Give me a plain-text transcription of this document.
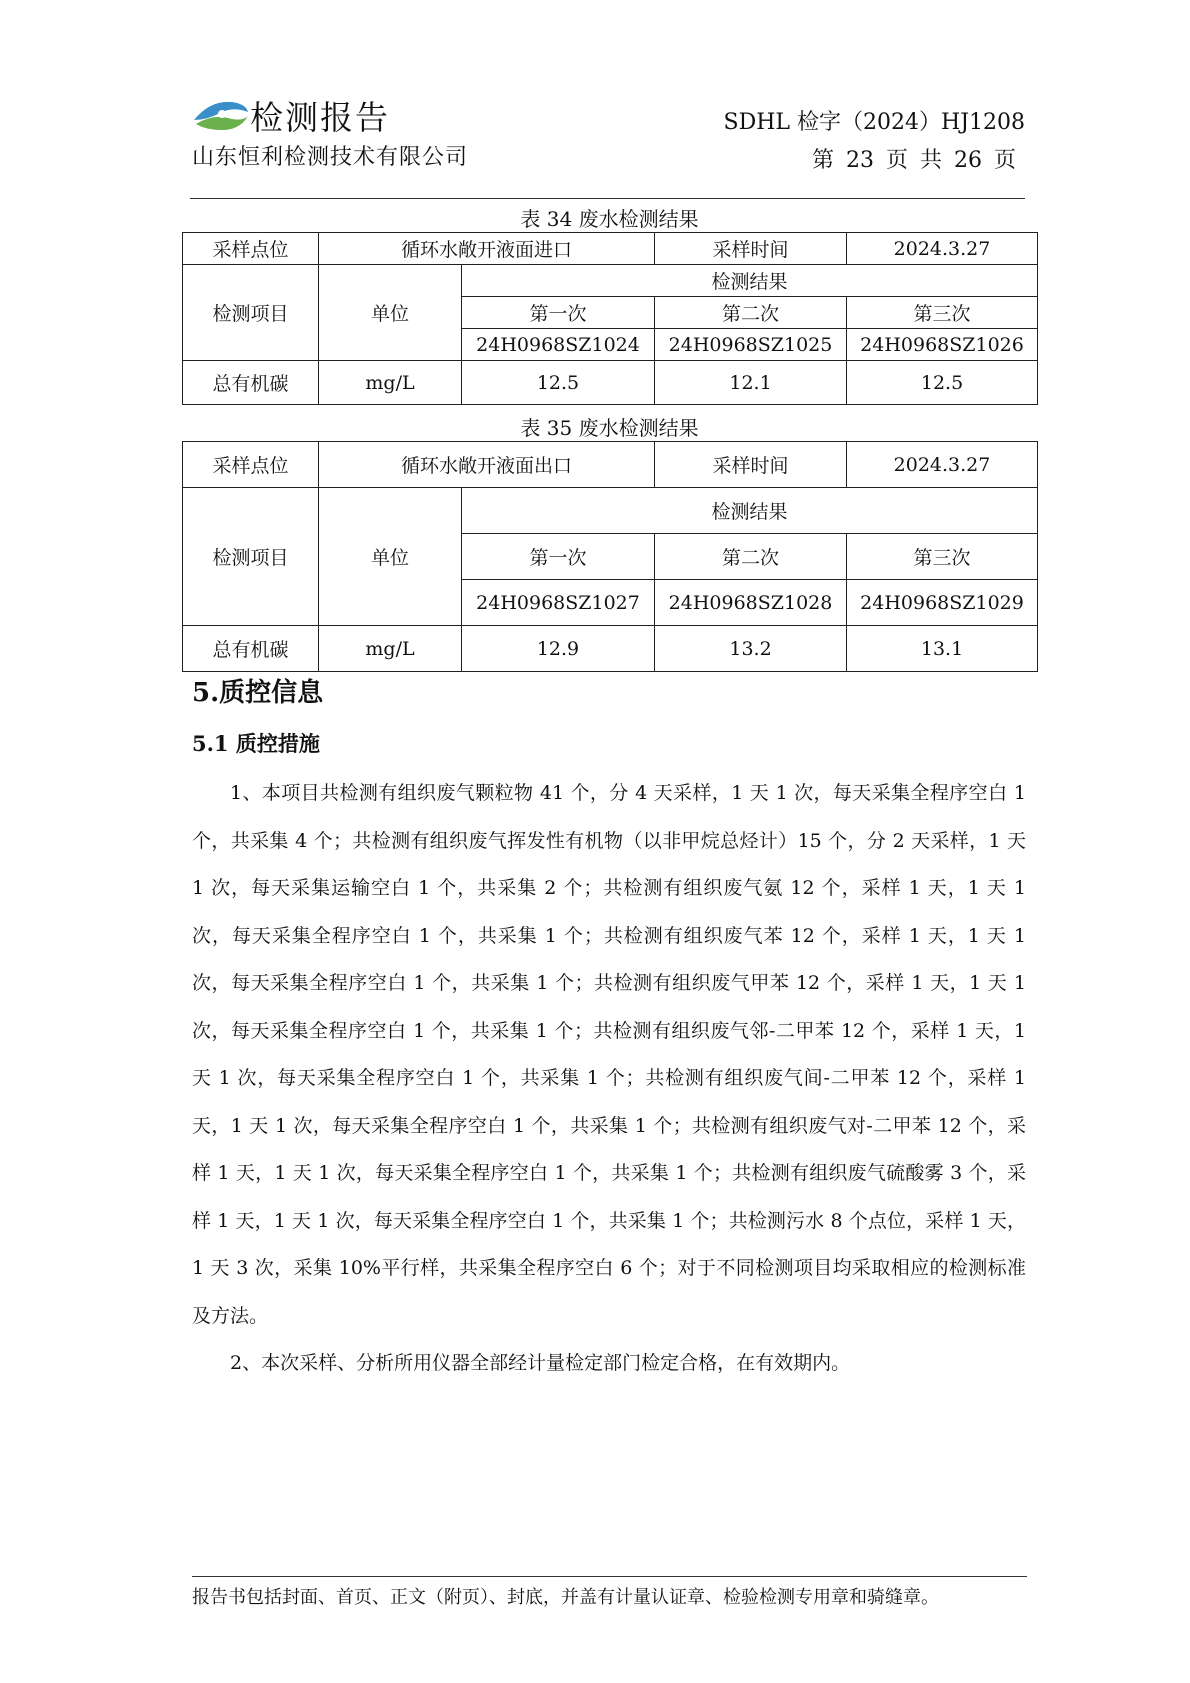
检测报告
山东恒利检测技术有限公司
SDHL 检字（2024）HJ1208
第 23 页 共 26 页
表 34 废水检测结果
采样点位	循环水敞开液面进口		采样时间	2024.3.27
检测项目	单位	检测结果		
		第一次	第二次	第三次
		24H0968SZ1024	24H0968SZ1025	24H0968SZ1026
总有机碳	mg/L	12.5	12.1	12.5
表 35 废水检测结果
采样点位	循环水敞开液面出口		采样时间	2024.3.27
检测项目	单位	检测结果		
		第一次	第二次	第三次
		24H0968SZ1027	24H0968SZ1028	24H0968SZ1029
总有机碳	mg/L	12.9	13.2	13.1
5.质控信息
5.1 质控措施
1、本项目共检测有组织废气颗粒物 41 个，分 4 天采样，1 天 1 次，每天采集全程序空白 1 个，共采集 4 个；共检测有组织废气挥发性有机物（以非甲烷总烃计）15 个，分 2 天采样，1 天 1 次，每天采集运输空白 1 个，共采集 2 个；共检测有组织废气氨 12 个，采样 1 天，1 天 1 次，每天采集全程序空白 1 个，共采集 1 个；共检测有组织废气苯 12 个，采样 1 天，1 天 1 次，每天采集全程序空白 1 个，共采集 1 个；共检测有组织废气甲苯 12 个，采样 1 天，1 天 1 次，每天采集全程序空白 1 个，共采集 1 个；共检测有组织废气邻-二甲苯 12 个，采样 1 天，1 天 1 次，每天采集全程序空白 1 个，共采集 1 个；共检测有组织废气间-二甲苯 12 个，采样 1 天，1 天 1 次，每天采集全程序空白 1 个，共采集 1 个；共检测有组织废气对-二甲苯 12 个，采样 1 天，1 天 1 次，每天采集全程序空白 1 个，共采集 1 个；共检测有组织废气硫酸雾 3 个，采样 1 天，1 天 1 次，每天采集全程序空白 1 个，共采集 1 个；共检测污水 8 个点位，采样 1 天，1 天 3 次，采集 10%平行样，共采集全程序空白 6 个；对于不同检测项目均采取相应的检测标准及方法。
2、本次采样、分析所用仪器全部经计量检定部门检定合格，在有效期内。
报告书包括封面、首页、正文（附页）、封底，并盖有计量认证章、检验检测专用章和骑缝章。
